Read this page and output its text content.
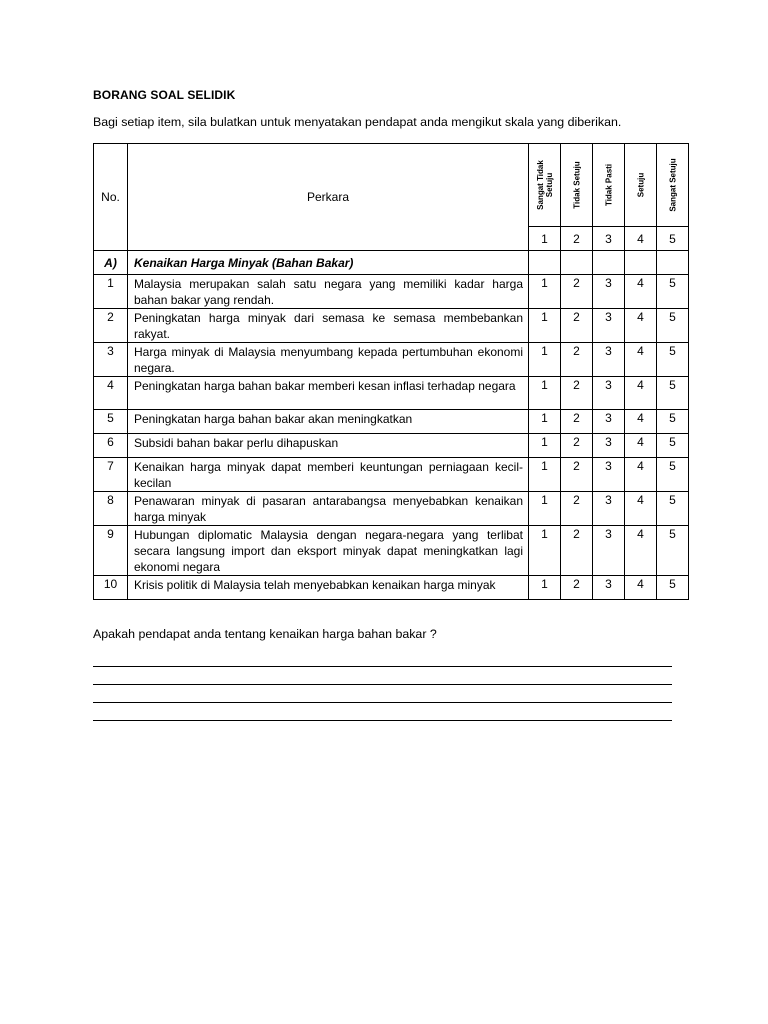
BORANG SOAL SELIDIK
Bagi setiap item, sila bulatkan untuk menyatakan pendapat anda mengikut skala yang diberikan.
No.	Perkara	Sangat Tidak Setuju	Tidak Setuju	Tidak Pasti	Setuju	Sangat Setuju

		1	2	3	4	5
A)	Kenaikan Harga Minyak (Bahan Bakar)					
1	Malaysia merupakan salah satu negara yang memiliki kadar harga bahan bakar yang rendah.	1	2	3	4	5
2	Peningkatan harga minyak dari semasa ke semasa membebankan rakyat.	1	2	3	4	5
3	Harga minyak di Malaysia menyumbang kepada pertumbuhan ekonomi negara.	1	2	3	4	5
4	Peningkatan harga bahan bakar memberi kesan inflasi terhadap negara	1	2	3	4	5
5	Peningkatan harga bahan bakar akan meningkatkan	1	2	3	4	5
6	Subsidi bahan bakar perlu dihapuskan	1	2	3	4	5
7	Kenaikan harga minyak dapat memberi keuntungan perniagaan kecil-kecilan	1	2	3	4	5
8	Penawaran minyak di pasaran antarabangsa menyebabkan kenaikan harga minyak	1	2	3	4	5
9	Hubungan diplomatic Malaysia dengan negara-negara yang terlibat secara langsung import dan eksport minyak dapat meningkatkan lagi ekonomi negara	1	2	3	4	5
10	Krisis politik di Malaysia telah menyebabkan kenaikan harga minyak	1	2	3	4	5
Apakah pendapat anda tentang kenaikan harga bahan bakar ?
